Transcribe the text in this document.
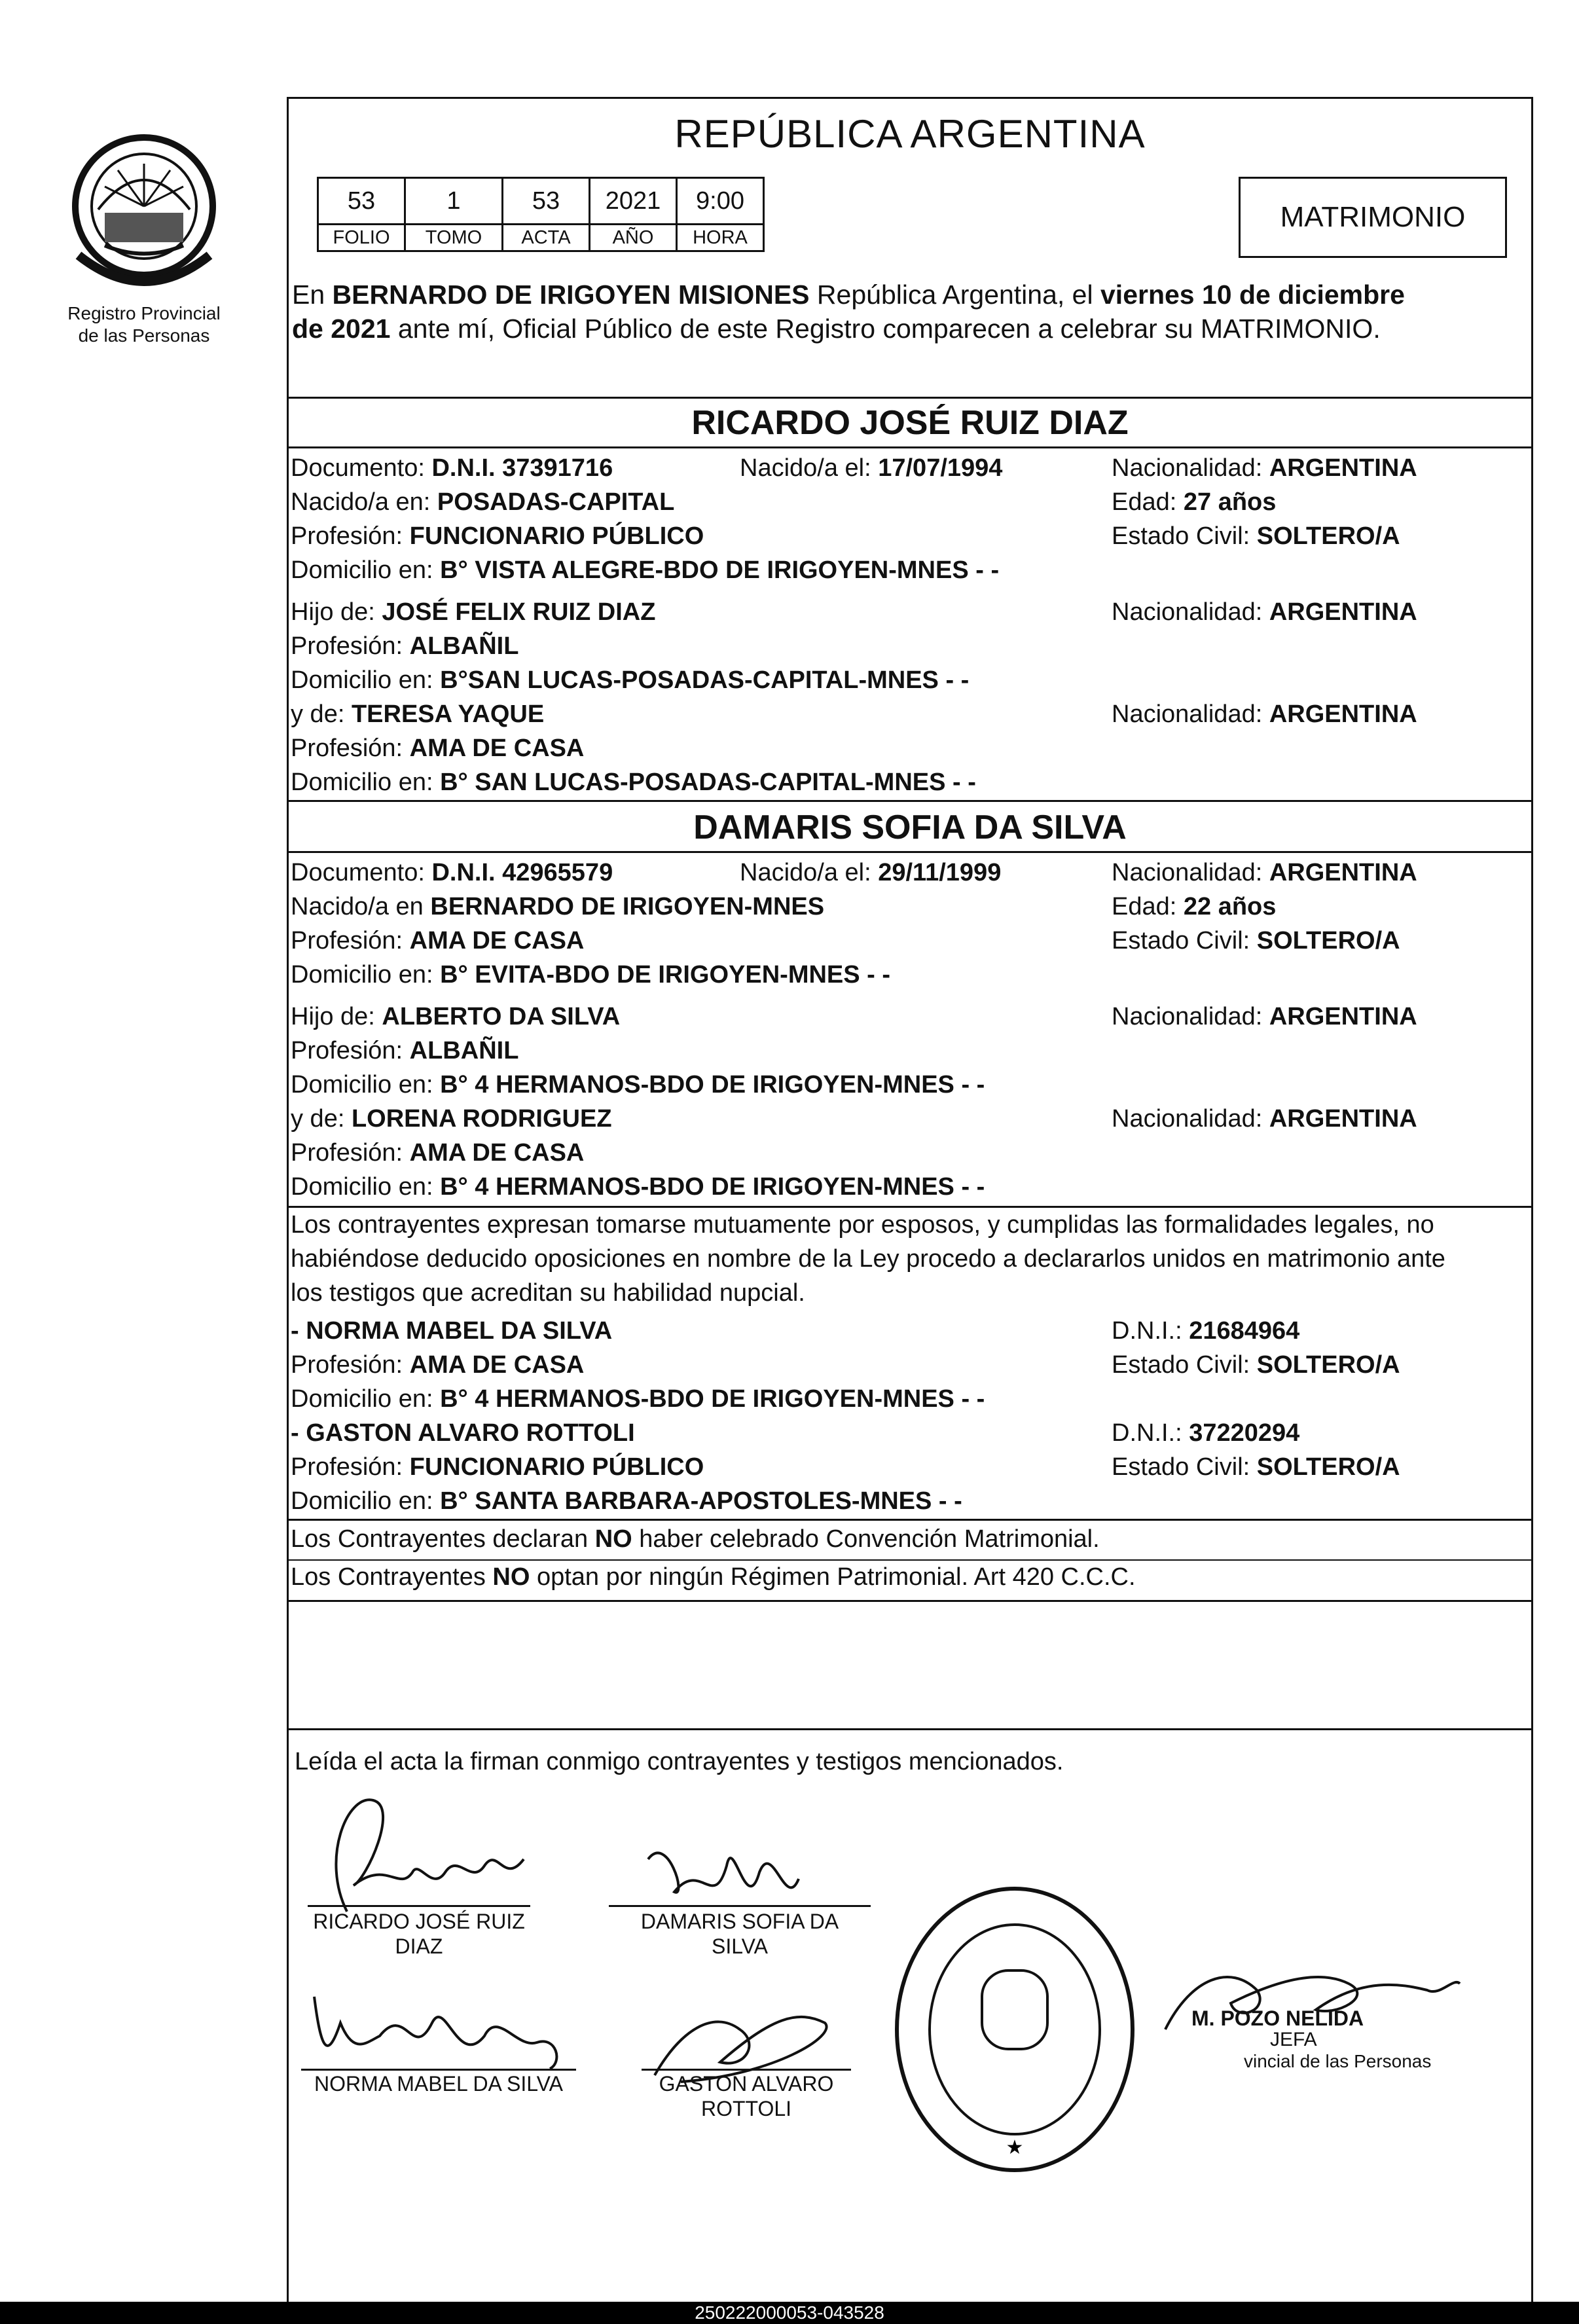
Registro Provincial
de las Personas
REPÚBLICA ARGENTINA
53	1	53	2021	9:00
FOLIO	TOMO	ACTA	AÑO	HORA
MATRIMONIO
En BERNARDO DE IRIGOYEN MISIONES República Argentina, el viernes 10 de diciembre
de 2021 ante mí, Oficial Público de este Registro comparecen a celebrar su MATRIMONIO.
RICARDO JOSÉ RUIZ DIAZ
Documento: D.N.I. 37391716	Nacido/a el: 17/07/1994	Nacionalidad: ARGENTINA
Nacido/a en: POSADAS-CAPITAL	Edad: 27 años
Profesión: FUNCIONARIO PÚBLICO	Estado Civil: SOLTERO/A
Domicilio en: B° VISTA ALEGRE-BDO DE IRIGOYEN-MNES - -
Hijo de: JOSÉ FELIX RUIZ DIAZ	Nacionalidad: ARGENTINA
Profesión: ALBAÑIL
Domicilio en: B°SAN LUCAS-POSADAS-CAPITAL-MNES - -
y de: TERESA YAQUE	Nacionalidad: ARGENTINA
Profesión: AMA DE CASA
Domicilio en: B° SAN LUCAS-POSADAS-CAPITAL-MNES - -
DAMARIS SOFIA DA SILVA
Documento: D.N.I. 42965579	Nacido/a el: 29/11/1999	Nacionalidad: ARGENTINA
Nacido/a en BERNARDO DE IRIGOYEN-MNES	Edad: 22 años
Profesión: AMA DE CASA	Estado Civil: SOLTERO/A
Domicilio en: B° EVITA-BDO DE IRIGOYEN-MNES - -
Hijo de: ALBERTO DA SILVA	Nacionalidad: ARGENTINA
Profesión: ALBAÑIL
Domicilio en: B° 4 HERMANOS-BDO DE IRIGOYEN-MNES - -
y de: LORENA RODRIGUEZ	Nacionalidad: ARGENTINA
Profesión: AMA DE CASA
Domicilio en: B° 4 HERMANOS-BDO DE IRIGOYEN-MNES - -
Los contrayentes expresan tomarse mutuamente por esposos, y cumplidas las formalidades legales, no
habiéndose deducido oposiciones en nombre de la Ley procedo a declararlos unidos en matrimonio ante
los testigos que acreditan su habilidad nupcial.
- NORMA MABEL DA SILVA	D.N.I.: 21684964
Profesión: AMA DE CASA	Estado Civil: SOLTERO/A
Domicilio en: B° 4 HERMANOS-BDO DE IRIGOYEN-MNES - -
- GASTON ALVARO ROTTOLI	D.N.I.: 37220294
Profesión: FUNCIONARIO PÚBLICO	Estado Civil: SOLTERO/A
Domicilio en: B° SANTA BARBARA-APOSTOLES-MNES - -
Los Contrayentes declaran NO haber celebrado Convención Matrimonial.
Los Contrayentes NO optan por ningún Régimen Patrimonial. Art 420 C.C.C.
Leída el acta la firman conmigo contrayentes y testigos mencionados.
RICARDO JOSÉ RUIZ
DIAZ
DAMARIS SOFIA DA
SILVA
NORMA MABEL DA SILVA	GASTON ALVARO
ROTTOLI
★
M. POZO NELIDA
JEFA
vincial de las Personas
250222000053-043528
